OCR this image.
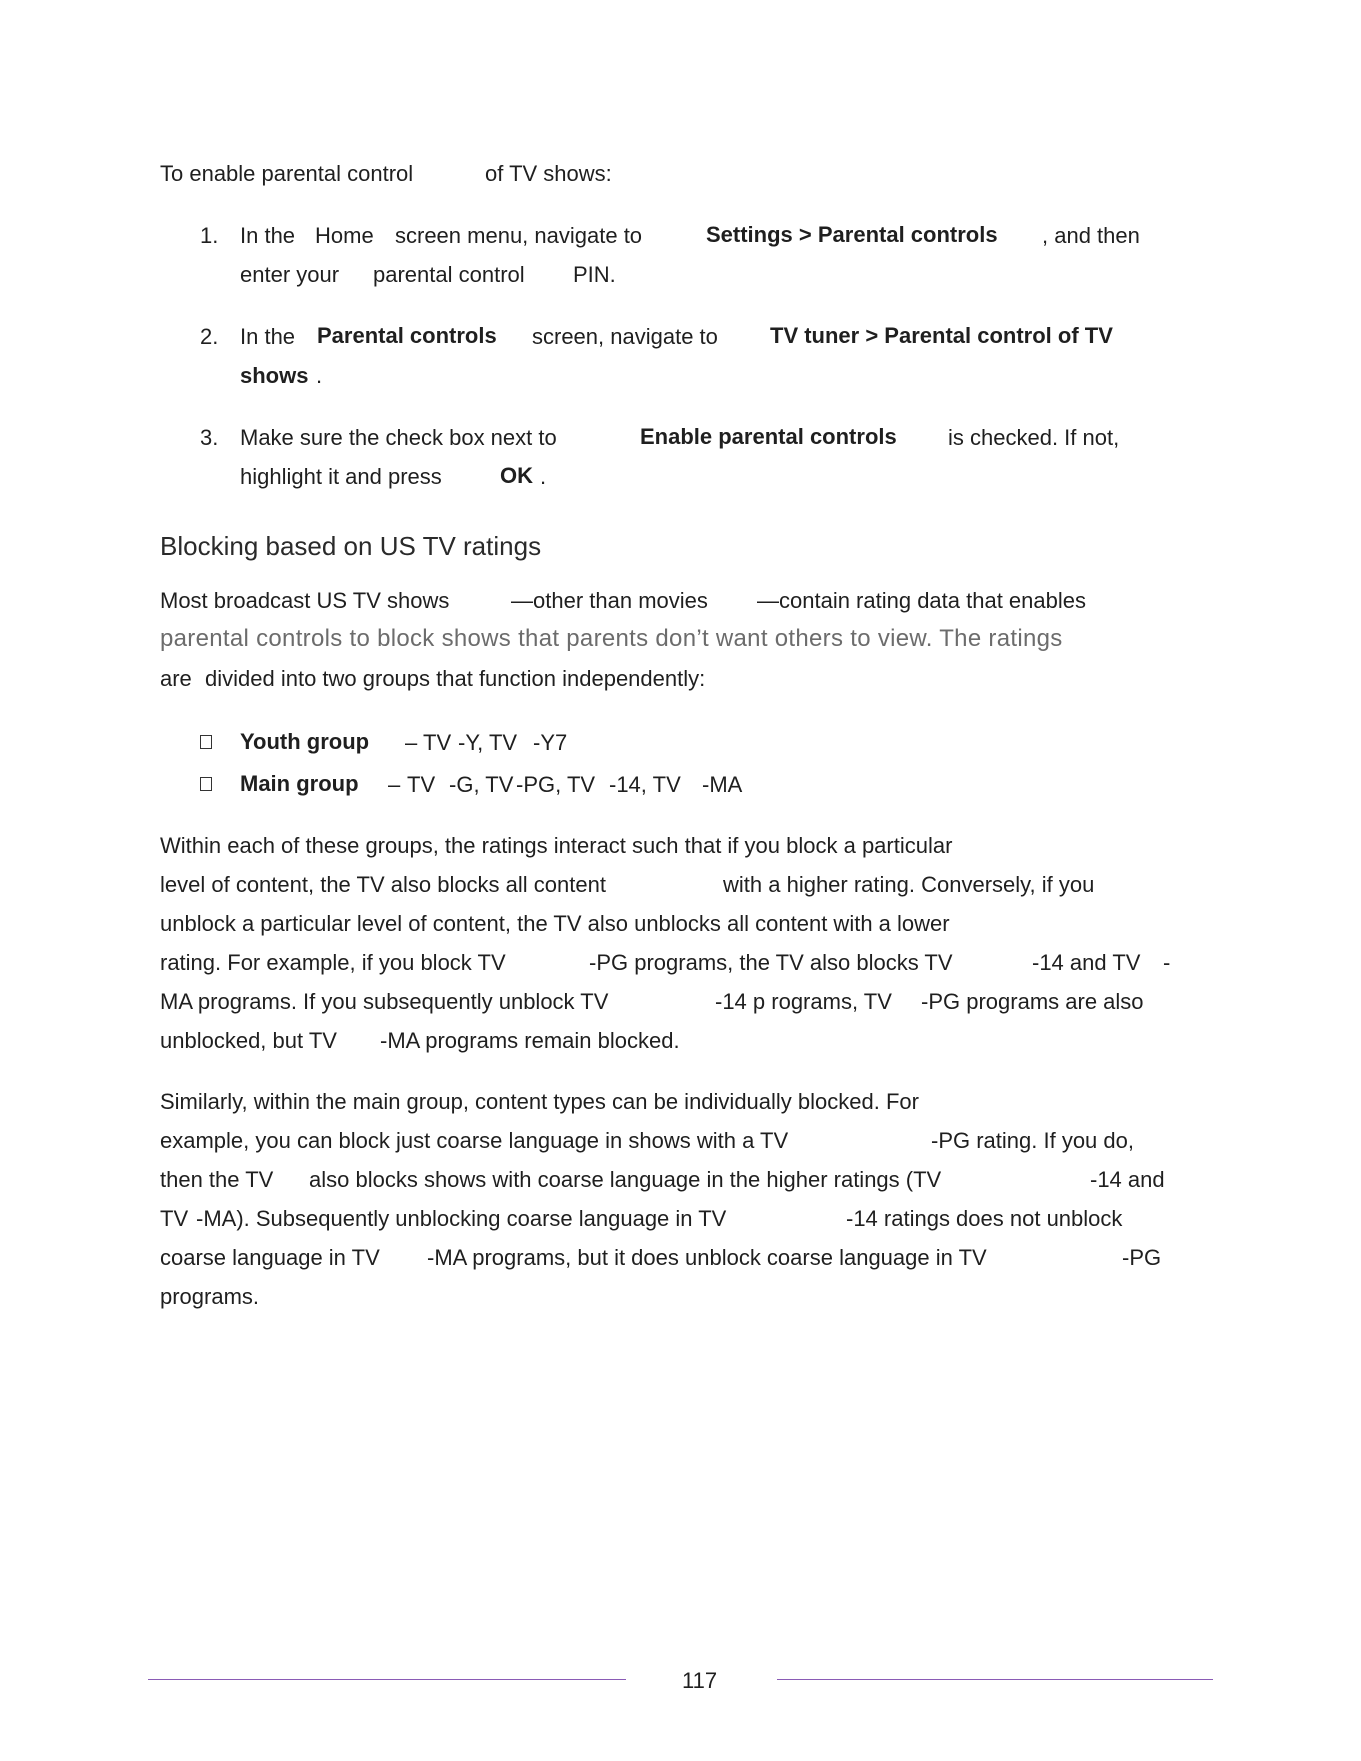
To enable parental control	of TV shows:
1. In the Home screen menu, navigate to	Settings > Parental controls , and then
enter your parental control PIN.
2. In the Parental controls screen, navigate to TV tuner > Parental control of TV
shows .
3. Make sure the check box next to	Enable parental controls is checked. If not,
highlight it and press	OK .
Blocking based on US TV ratings
Most broadcast US TV shows	—other than movies —contain rating data that enables
parental controls to block shows that parents don’t want others to view. The ratings
are divided into two groups that function independently:
Youth group – TV -Y, TV -Y7
Main group – TV -G, TV -PG, TV -14, TV -MA
Within each of these groups, the ratings interact such that if you block a particular
level of content, the TV also blocks all content	with a higher rating. Conversely, if you
unblock a particular level of content, the TV also unblocks all content with a lower
rating. For example, if you block TV	-PG programs, the TV also blocks TV	-14 and TV -
MA programs. If you subsequently unblock TV	-14 p rograms, TV -PG programs are also
unblocked, but TV -MA programs remain blocked.
Similarly, within the main group, content types can be individually blocked. For
example, you can block just coarse language in shows with a TV	-PG rating. If you do,
then the TV also blocks shows with coarse language in the higher ratings (TV	-14 and
TV -MA). Subsequently unblocking coarse language in TV	-14 ratings does not unblock
coarse language in TV -MA programs, but it does unblock coarse language in TV	-PG
programs.
117
